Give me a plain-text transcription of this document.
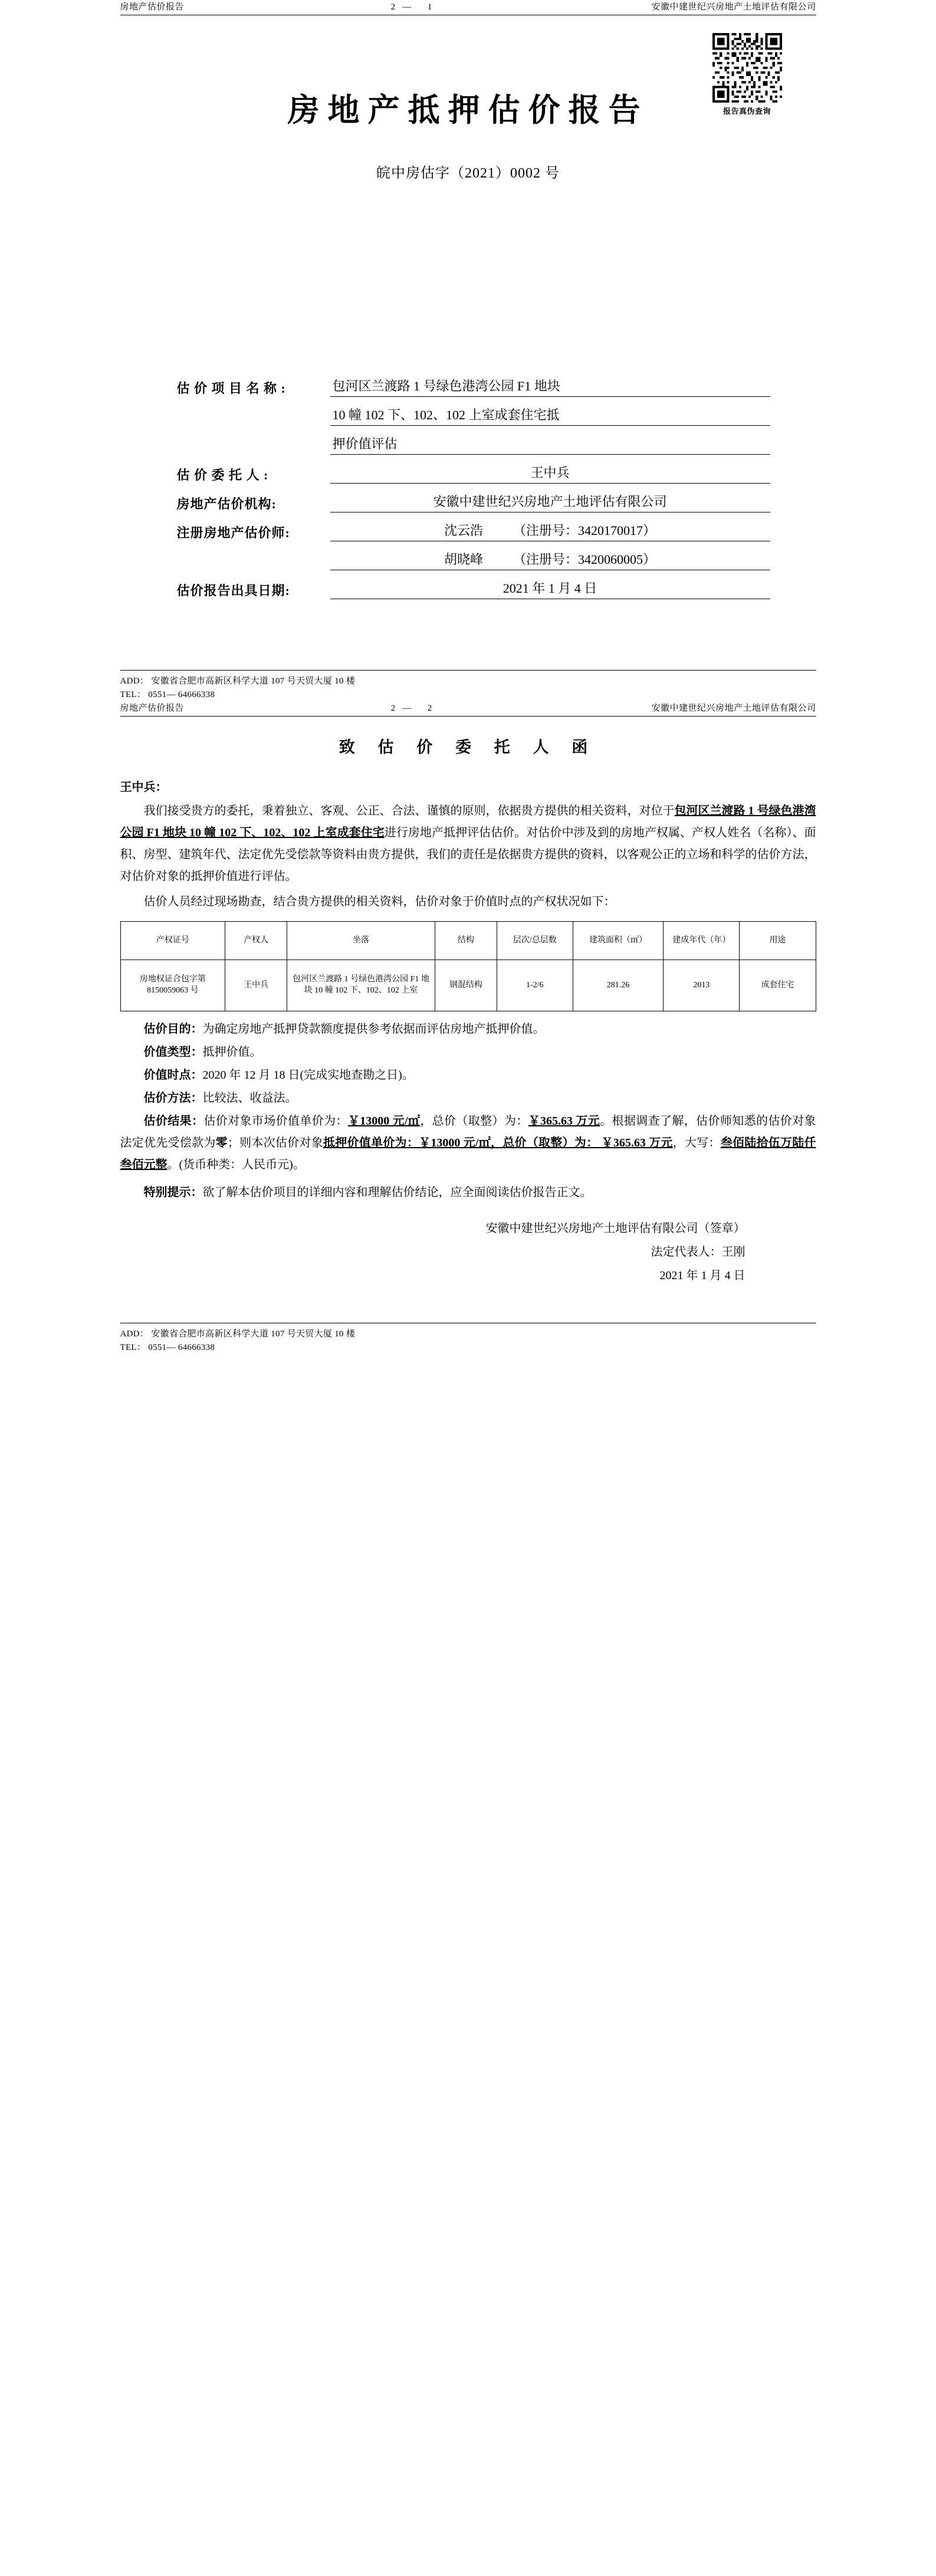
房地产估价报告	2— 1	安徽中建世纪兴房地产土地评估有限公司
报告真伪查询
房地产抵押估价报告
皖中房估字（2021）0002 号
估 价 项 目 名 称 :	包河区兰渡路 1 号绿色港湾公园 F1 地块
10 幢 102 下、102、102 上室成套住宅抵
押价值评估
估 价 委 托 人 :	王中兵
房地产估价机构:	安徽中建世纪兴房地产土地评估有限公司
注册房地产估价师:	沈云浩 （注册号：3420170017）
胡晓峰 （注册号：3420060005）
估价报告出具日期:	2021 年 1 月 4 日
ADD： 安徽省合肥市高新区科学大道 107 号天贸大厦 10 楼
TEL： 0551— 64666338
房地产估价报告	2— 2	安徽中建世纪兴房地产土地评估有限公司
致 估 价 委 托 人 函
王中兵：
我们接受贵方的委托，秉着独立、客观、公正、合法、谨慎的原则，依据贵方提供的相关资料，对位于包河区兰渡路 1 号绿色港湾公园 F1 地块 10 幢 102 下、102、102 上室成套住宅进行房地产抵押评估估价。对估价中涉及到的房地产权属、产权人姓名（名称）、面积、房型、建筑年代、法定优先受偿款等资料由贵方提供，我们的责任是依据贵方提供的资料，以客观公正的立场和科学的估价方法，对估价对象的抵押价值进行评估。
估价人员经过现场勘查，结合贵方提供的相关资料，估价对象于价值时点的产权状况如下：
产权证号	产权人	坐落	结构	层次/总层数	建筑面积（㎡）	建成年代（年）	用途
房地权证合包字第 8150059063 号	王中兵	包河区兰渡路 1 号绿色港湾公园 F1 地块 10 幢 102 下、102、102 上室	钢混结构	1-2/6	281.26	2013	成套住宅
估价目的：为确定房地产抵押贷款额度提供参考依据而评估房地产抵押价值。
价值类型：抵押价值。
价值时点：2020 年 12 月 18 日(完成实地查勘之日)。
估价方法：比较法、收益法。
估价结果：估价对象市场价值单价为：￥13000 元/㎡，总价（取整）为：￥365.63 万元。根据调查了解，估价师知悉的估价对象法定优先受偿款为零；则本次估价对象抵押价值单价为：￥13000 元/㎡，总价（取整）为： ￥365.63 万元，大写：叁佰陆拾伍万陆仟叁佰元整。(货币种类：人民币元)。
特别提示：欲了解本估价项目的详细内容和理解估价结论，应全面阅读估价报告正文。
安徽中建世纪兴房地产土地评估有限公司（签章）
法定代表人：王刚
2021 年 1 月 4 日
ADD： 安徽省合肥市高新区科学大道 107 号天贸大厦 10 楼
TEL： 0551— 64666338
